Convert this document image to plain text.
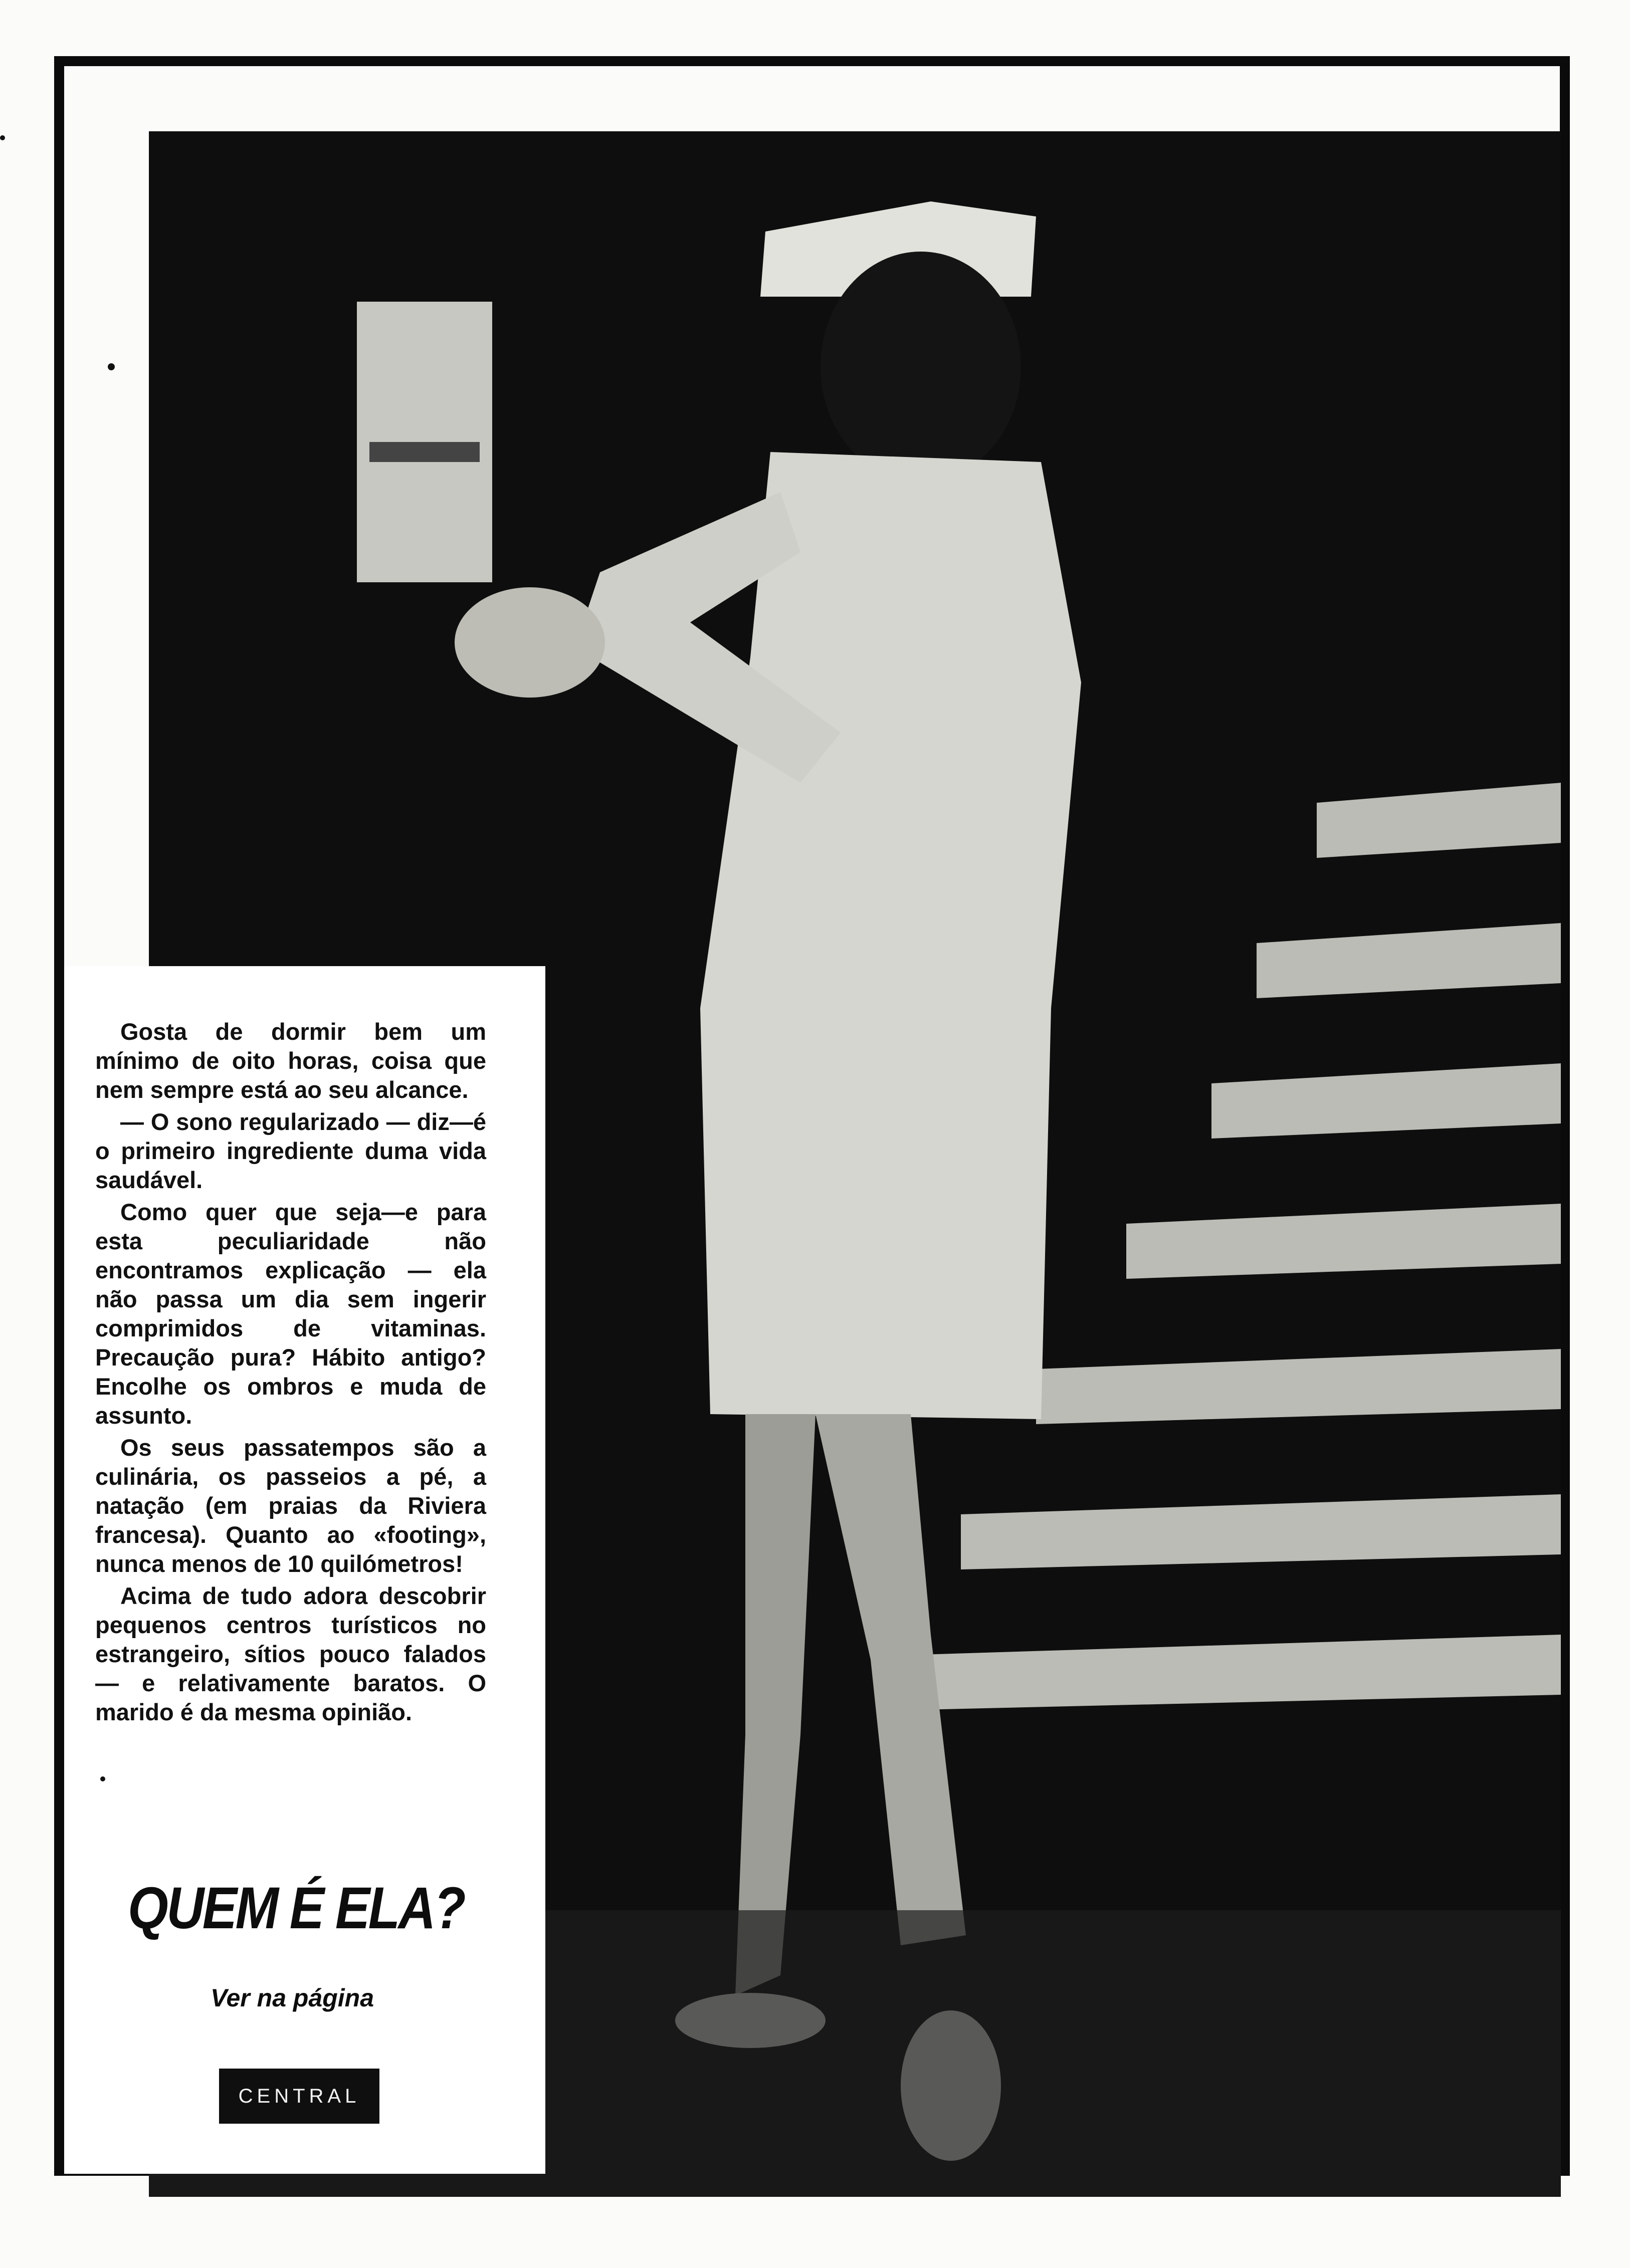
Gosta de dormir bem um mínimo de oito horas, coisa que nem sempre está ao seu alcance.

— O sono regularizado — diz—é o primeiro ingrediente duma vida saudável.

Como quer que seja—e para esta peculiaridade não encontramos explicação — ela não passa um dia sem ingerir comprimidos de vitaminas. Precaução pura? Hábito antigo? Encolhe os ombros e muda de assunto.

Os seus passatempos são a culinária, os passeios a pé, a natação (em praias da Riviera francesa). Quanto ao «footing», nunca menos de 10 quilómetros!

Acima de tudo adora descobrir pequenos centros turísticos no estrangeiro, sítios pouco falados — e relativamente baratos. O marido é da mesma opinião.

QUEM É ELA?
Ver na página
CENTRAL
